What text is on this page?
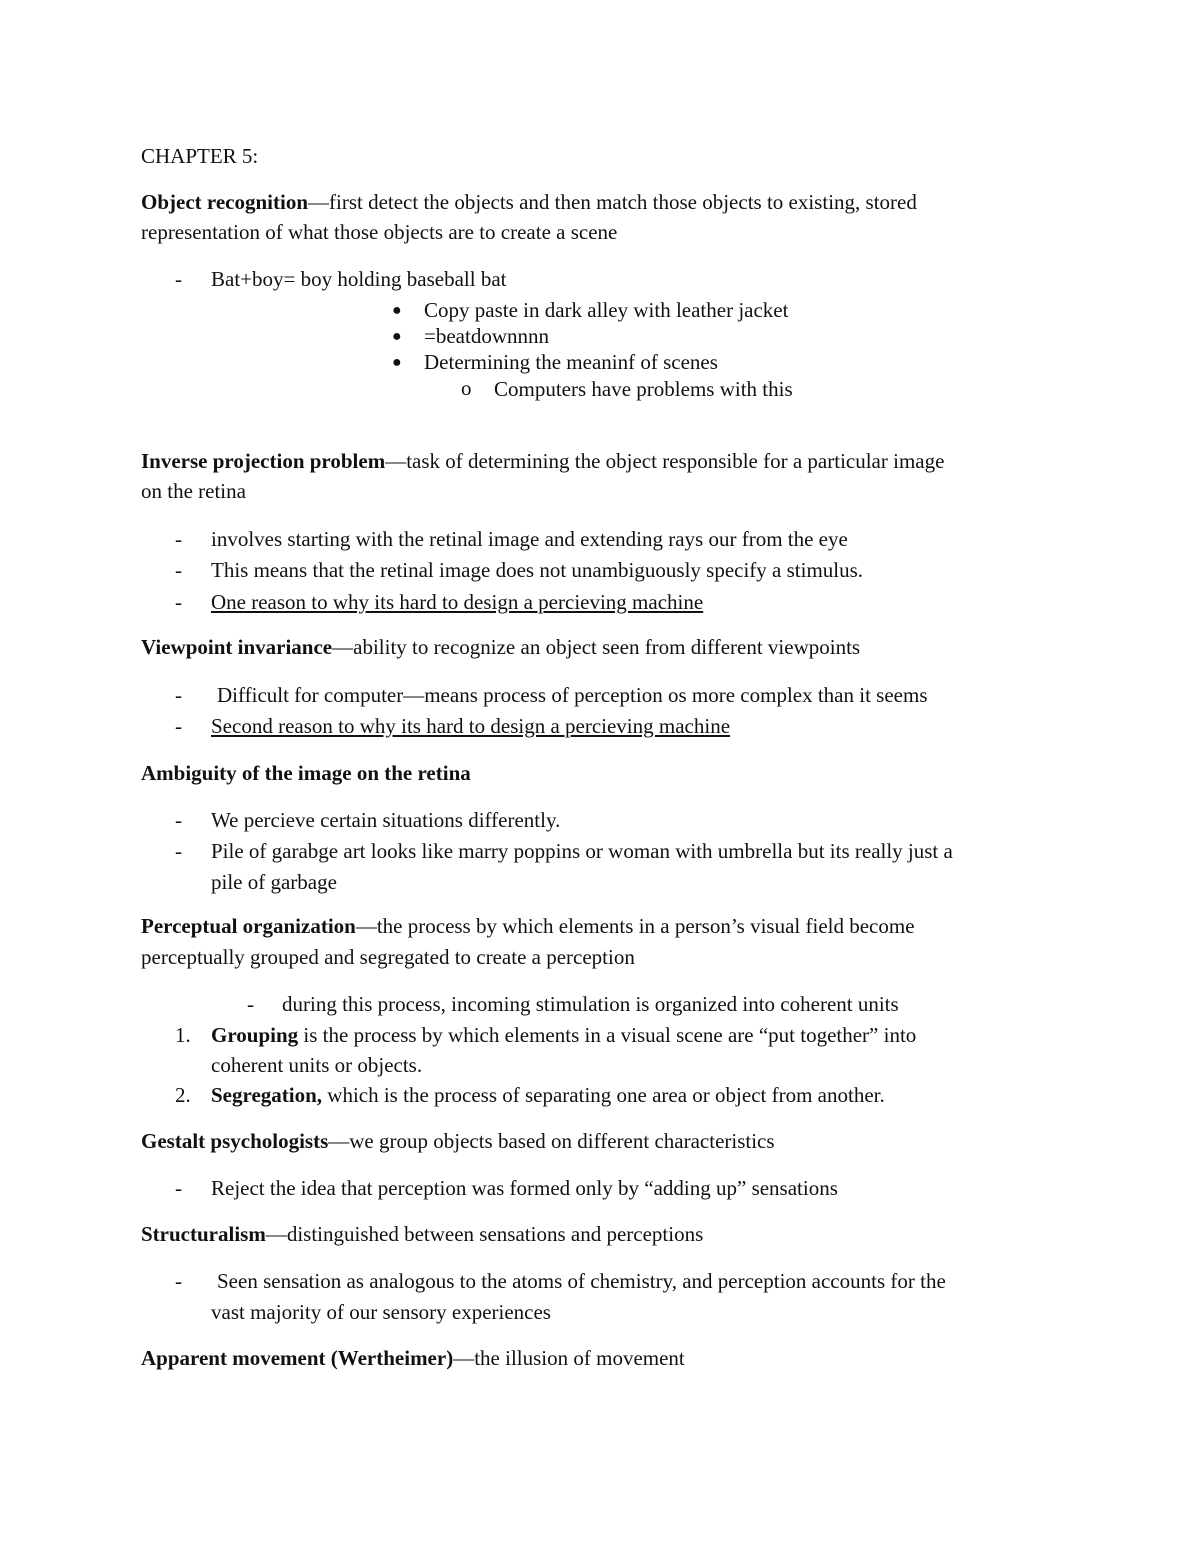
CHAPTER 5:
Object recognition—first detect the objects and then match those objects to existing, stored
representation of what those objects are to create a scene
- Bat+boy= boy holding baseball bat
● Copy paste in dark alley with leather jacket
● =beatdownnnn
● Determining the meaninf of scenes
o Computers have problems with this
Inverse projection problem—task of determining the object responsible for a particular image
on the retina
- involves starting with the retinal image and extending rays our from the eye
- This means that the retinal image does not unambiguously specify a stimulus.
- One reason to why its hard to design a percieving machine
Viewpoint invariance—ability to recognize an object seen from different viewpoints
- Difficult for computer—means process of perception os more complex than it seems
- Second reason to why its hard to design a percieving machine
Ambiguity of the image on the retina
- We percieve certain situations differently.
- Pile of garabge art looks like marry poppins or woman with umbrella but its really just a
pile of garbage
Perceptual organization—the process by which elements in a person’s visual field become
perceptually grouped and segregated to create a perception
- during this process, incoming stimulation is organized into coherent units
1. Grouping is the process by which elements in a visual scene are “put together” into
coherent units or objects.
2. Segregation, which is the process of separating one area or object from another.
Gestalt psychologists—we group objects based on different characteristics
- Reject the idea that perception was formed only by “adding up” sensations
Structuralism—distinguished between sensations and perceptions
- Seen sensation as analogous to the atoms of chemistry, and perception accounts for the
vast majority of our sensory experiences
Apparent movement (Wertheimer)—the illusion of movement
